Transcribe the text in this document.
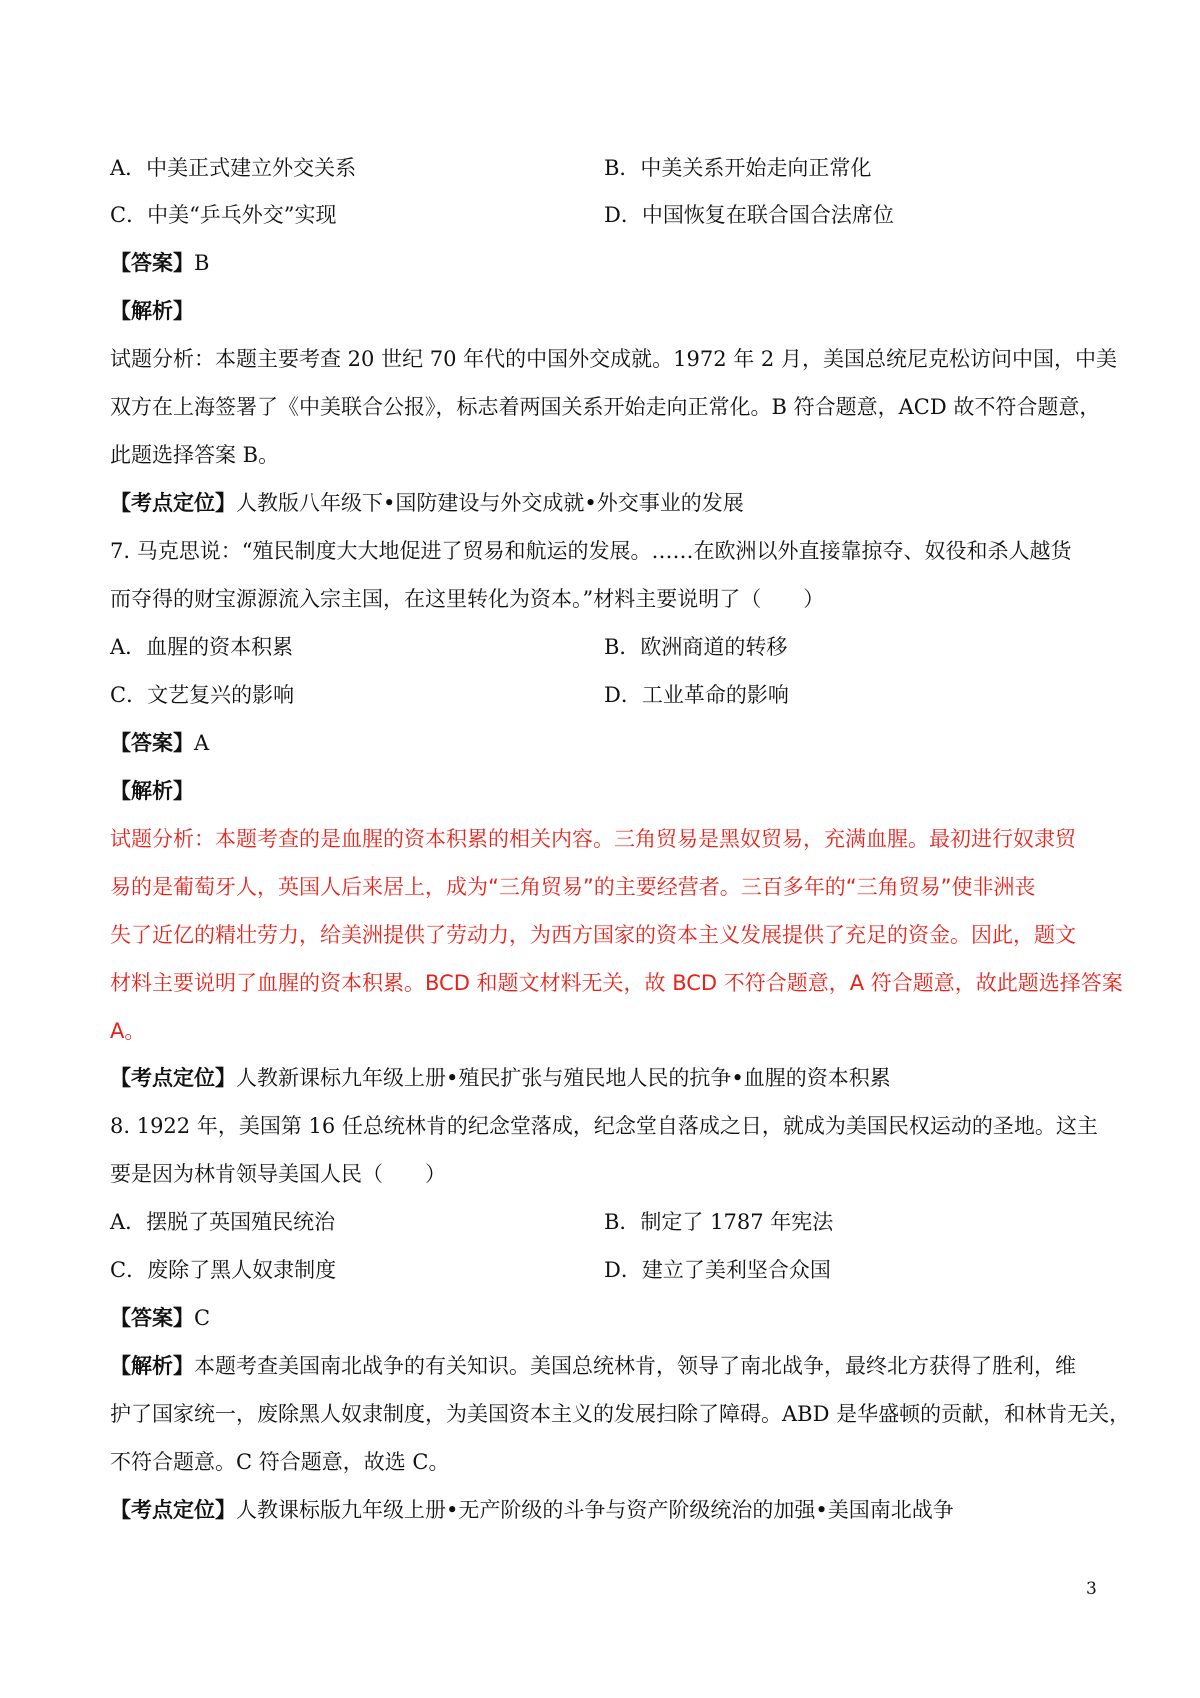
A．中美正式建立外交关系	B．中美关系开始走向正常化
C．中美“乒乓外交”实现	D．中国恢复在联合国合法席位
【答案】B
【解析】
试题分析：本题主要考查 20 世纪 70 年代的中国外交成就。1972 年 2 月，美国总统尼克松访问中国，中美
双方在上海签署了《中美联合公报》，标志着两国关系开始走向正常化。B 符合题意，ACD 故不符合题意，
此题选择答案 B。
【考点定位】人教版八年级下•国防建设与外交成就•外交事业的发展
7. 马克思说：“殖民制度大大地促进了贸易和航运的发展。……在欧洲以外直接靠掠夺、奴役和杀人越货
而夺得的财宝源源流入宗主国，在这里转化为资本。”材料主要说明了（　　）
A．血腥的资本积累	B．欧洲商道的转移
C．文艺复兴的影响	D．工业革命的影响
【答案】A
【解析】
试题分析：本题考查的是血腥的资本积累的相关内容。三角贸易是黑奴贸易，充满血腥。最初进行奴隶贸
易的是葡萄牙人，英国人后来居上，成为“三角贸易”的主要经营者。三百多年的“三角贸易”使非洲丧
失了近亿的精壮劳力，给美洲提供了劳动力，为西方国家的资本主义发展提供了充足的资金。因此，题文
材料主要说明了血腥的资本积累。BCD 和题文材料无关，故 BCD 不符合题意，A 符合题意，故此题选择答案
A。
【考点定位】人教新课标九年级上册•殖民扩张与殖民地人民的抗争•血腥的资本积累
8. 1922 年，美国第 16 任总统林肯的纪念堂落成，纪念堂自落成之日，就成为美国民权运动的圣地。这主
要是因为林肯领导美国人民（　　）
A．摆脱了英国殖民统治	B．制定了 1787 年宪法
C．废除了黑人奴隶制度	D．建立了美利坚合众国
【答案】C
【解析】本题考查美国南北战争的有关知识。美国总统林肯，领导了南北战争，最终北方获得了胜利，维
护了国家统一，废除黑人奴隶制度，为美国资本主义的发展扫除了障碍。ABD 是华盛顿的贡献，和林肯无关，
不符合题意。C 符合题意，故选 C。
【考点定位】人教课标版九年级上册•无产阶级的斗争与资产阶级统治的加强•美国南北战争
3
